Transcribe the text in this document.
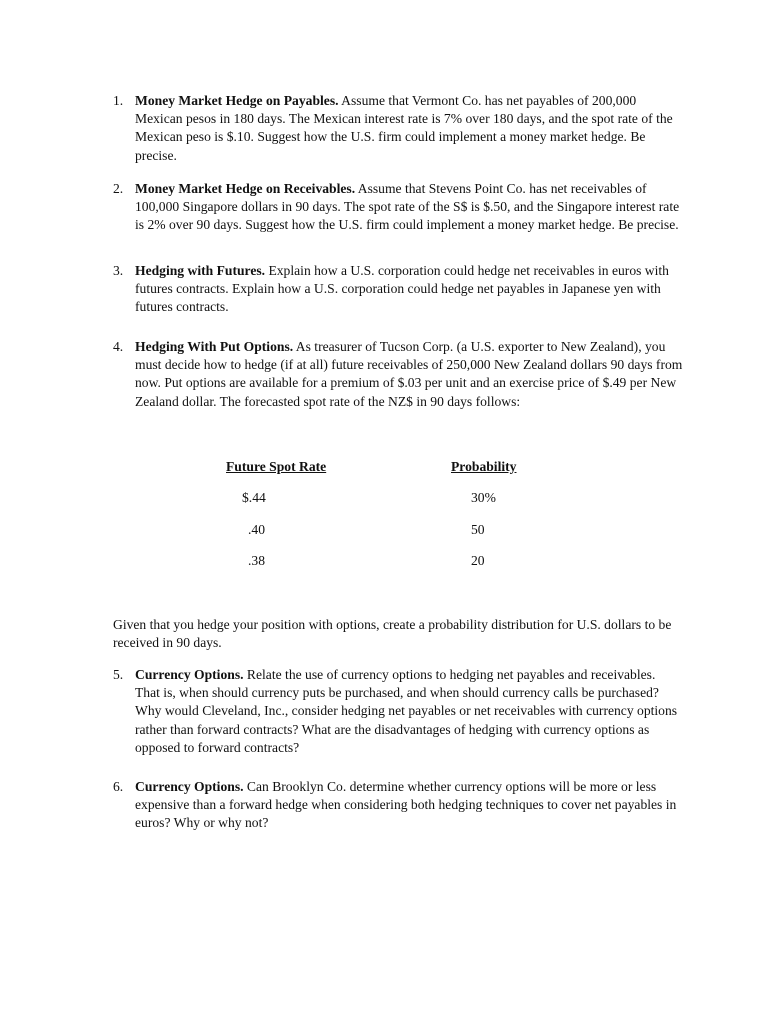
1. Money Market Hedge on Payables. Assume that Vermont Co. has net payables of 200,000 Mexican pesos in 180 days. The Mexican interest rate is 7% over 180 days, and the spot rate of the Mexican peso is $.10. Suggest how the U.S. firm could implement a money market hedge. Be precise.
2. Money Market Hedge on Receivables. Assume that Stevens Point Co. has net receivables of 100,000 Singapore dollars in 90 days. The spot rate of the S$ is $.50, and the Singapore interest rate is 2% over 90 days. Suggest how the U.S. firm could implement a money market hedge. Be precise.
3. Hedging with Futures. Explain how a U.S. corporation could hedge net receivables in euros with futures contracts. Explain how a U.S. corporation could hedge net payables in Japanese yen with futures contracts.
4. Hedging With Put Options. As treasurer of Tucson Corp. (a U.S. exporter to New Zealand), you must decide how to hedge (if at all) future receivables of 250,000 New Zealand dollars 90 days from now. Put options are available for a premium of $.03 per unit and an exercise price of $.49 per New Zealand dollar. The forecasted spot rate of the NZ$ in 90 days follows:
Future Spot Rate	Probability
$.44	30%
.40	50
.38	20
Given that you hedge your position with options, create a probability distribution for U.S. dollars to be received in 90 days.
5. Currency Options. Relate the use of currency options to hedging net payables and receivables. That is, when should currency puts be purchased, and when should currency calls be purchased? Why would Cleveland, Inc., consider hedging net payables or net receivables with currency options rather than forward contracts? What are the disadvantages of hedging with currency options as opposed to forward contracts?
6. Currency Options. Can Brooklyn Co. determine whether currency options will be more or less expensive than a forward hedge when considering both hedging techniques to cover net payables in euros? Why or why not?
